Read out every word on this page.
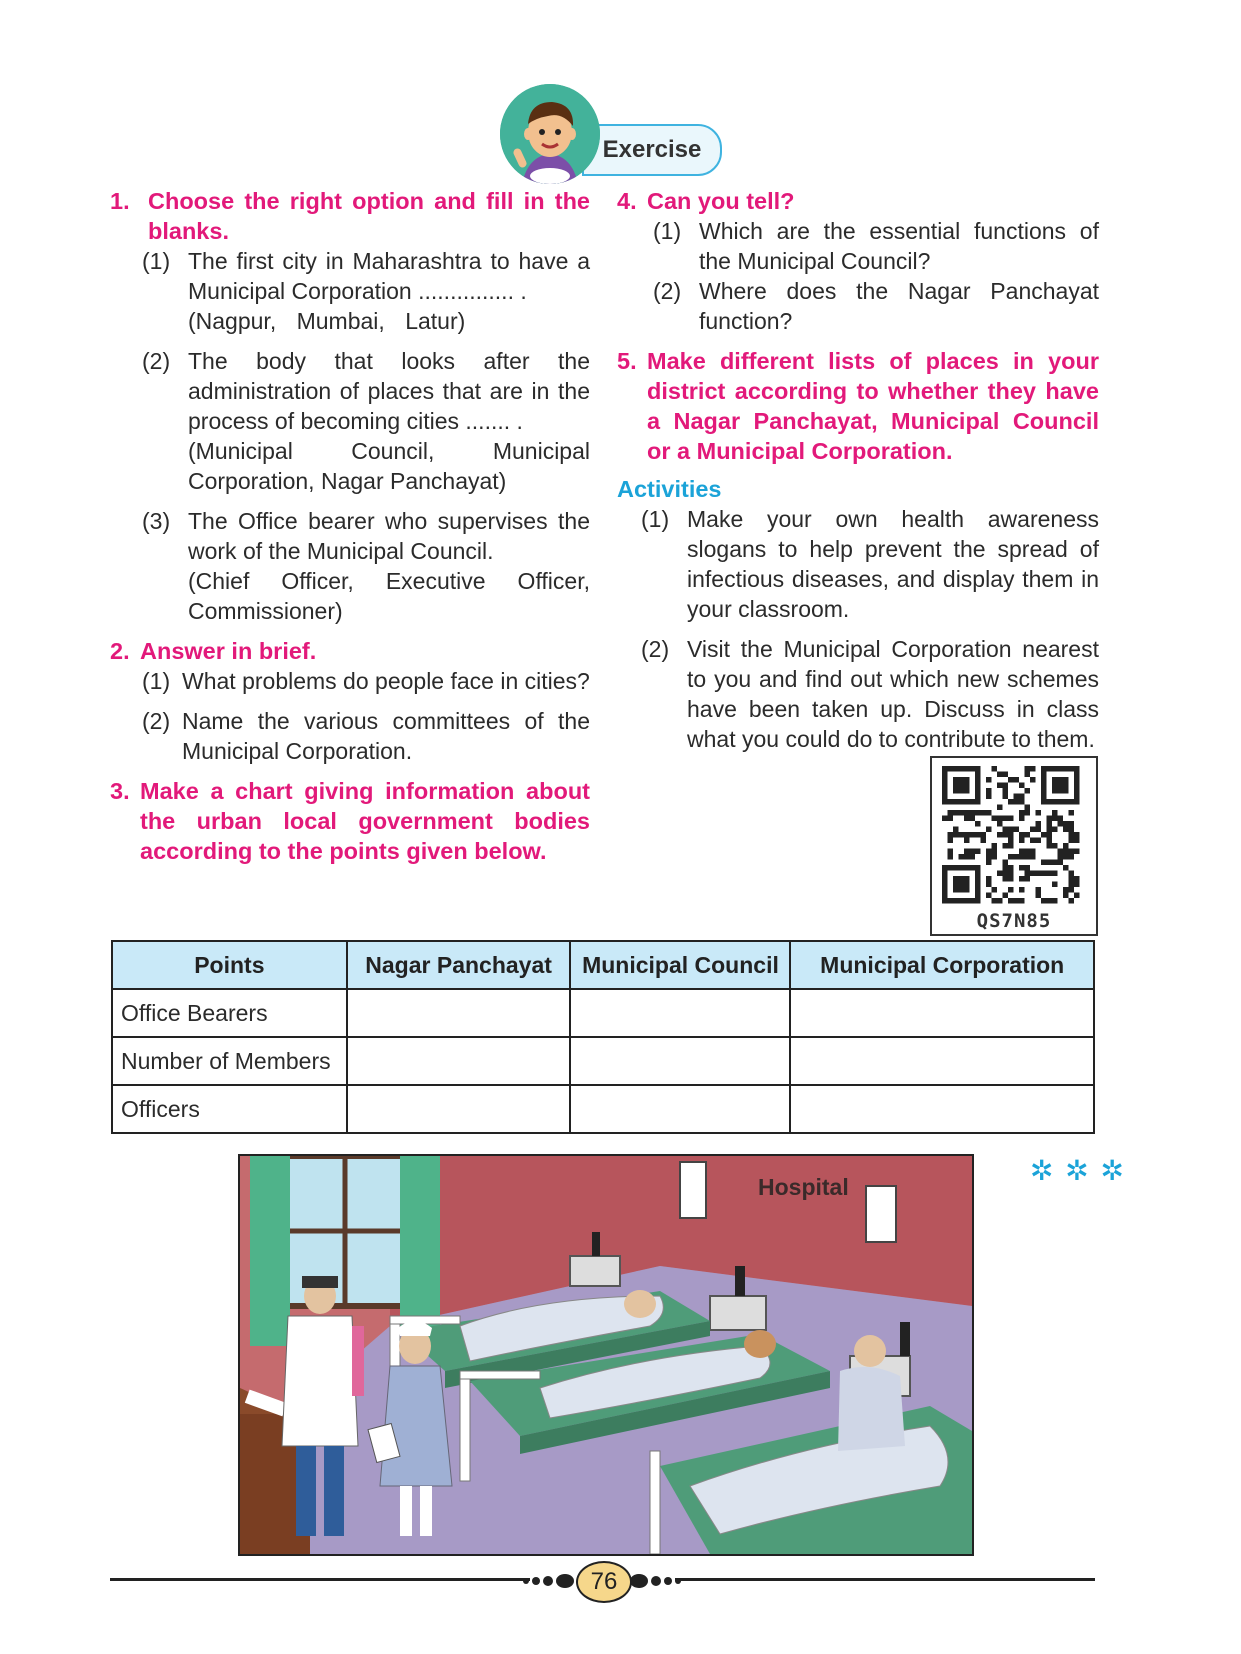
Exercise
1. Choose the right option and fill in the blanks.
(1) The first city in Maharashtra to have a Municipal Corporation ............... .
(Nagpur, Mumbai, Latur)
(2) The body that looks after the administration of places that are in the process of becoming cities ....... .
(Municipal Council, Municipal
Corporation, Nagar Panchayat)
(3) The Office bearer who supervises the work of the Municipal Council.
(Chief Officer, Executive Officer,
Commissioner)
2. Answer in brief.
(1) What problems do people face in cities?
(2) Name the various committees of the Municipal Corporation.
3. Make a chart giving information about the urban local government bodies according to the points given below.
4. Can you tell?
(1) Which are the essential functions of the Municipal Council?
(2) Where does the Nagar Panchayat function?
5. Make different lists of places in your district according to whether they have a Nagar Panchayat, Municipal Council or a Municipal Corporation.
Activities
(1) Make your own health awareness slogans to help prevent the spread of infectious diseases, and display them in your classroom.
(2) Visit the Municipal Corporation nearest to you and find out which new schemes have been taken up. Discuss in class what you could do to contribute to them.
QS7N85
Points	Nagar Panchayat	Municipal Council	Municipal Corporation
Office Bearers			
Number of Members			
Officers			
✲ ✲ ✲
Hospital
76
